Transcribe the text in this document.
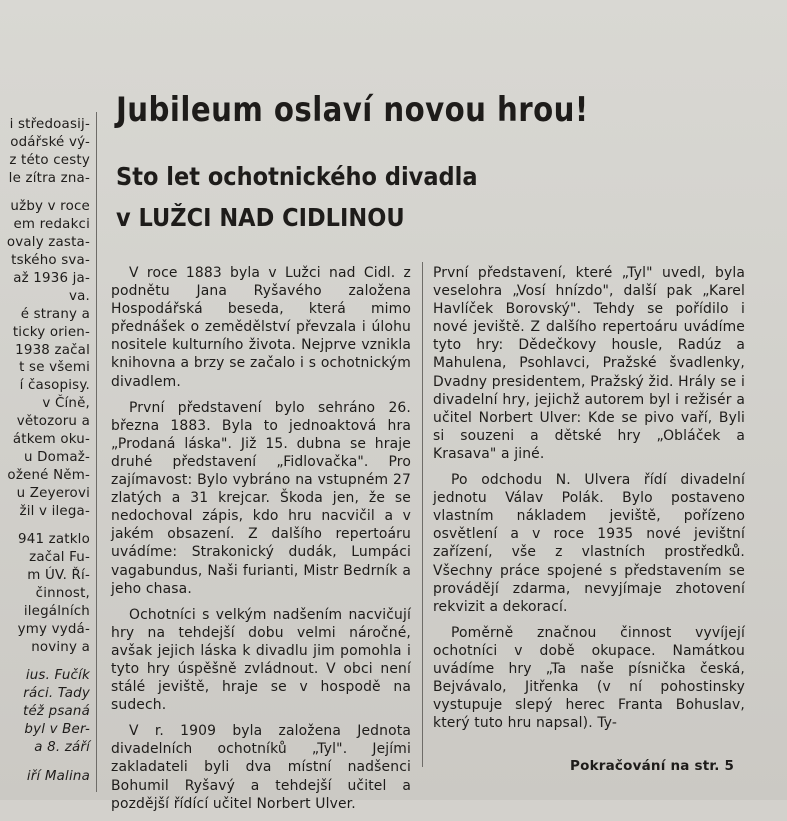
i středoasij-
odářské vý-
z této cesty
le zítra zna-
užby v roce
em redakci
ovaly zasta-
tského sva-
až 1936 ja-
va.
é strany a
ticky orien-
1938 začal
t se všemi
í časopisy.
v Číně,
větozoru a
átkem oku-
u Domaž-
ožené Něm-
u Zeyerovi
žil v ilega-
941 zatklo
začal Fu-
m ÚV. Ří-
činnost,
ilegálních
ymy vydá-
noviny a
ius. Fučík
ráci. Tady
též psaná
byl v Ber-
a 8. září
iří Malina
Jubileum oslaví novou hrou!
Sto let ochotnického divadla
v LUŽCI NAD CIDLINOU

V roce 1883 byla v Lužci nad Cidl. z podnětu Jana Ryšavého založena Hospodářská beseda, která mimo přednášek o zemědělství převzala i úlohu nositele kulturního života. Nejprve vznikla knihovna a brzy se začalo i s ochotnickým divadlem.

První představení bylo sehráno 26. března 1883. Byla to jednoaktová hra „Prodaná láska". Již 15. dubna se hraje druhé představení „Fidlovačka". Pro zajímavost: Bylo vybráno na vstupném 27 zlatých a 31 krejcar. Škoda jen, že se nedochoval zápis, kdo hru nacvičil a v jakém obsazení. Z dalšího repertoáru uvádíme: Strakonický dudák, Lumpáci vagabundus, Naši furianti, Mistr Bedrník a jeho chasa.

Ochotníci s velkým nadšením nacvičují hry na tehdejší dobu velmi náročné, avšak jejich láska k divadlu jim pomohla i tyto hry úspěšně zvládnout. V obci není stálé jeviště, hraje se v hospodě na sudech.

V r. 1909 byla založena Jednota divadelních ochotníků „Tyl". Jejími zakladateli byli dva místní nadšenci Bohumil Ryšavý a tehdejší učitel a pozdější řídící učitel Norbert Ulver.

První představení, které „Tyl" uvedl, byla veselohra „Vosí hnízdo", další pak „Karel Havlíček Borovský". Tehdy se pořídilo i nové jeviště. Z dalšího repertoáru uvádíme tyto hry: Dědečkovy housle, Radúz a Mahulena, Psohlavci, Pražské švadlenky, Dvadny presidentem, Pražský žid. Hrály se i divadelní hry, jejichž autorem byl i režisér a učitel Norbert Ulver: Kde se pivo vaří, Byli si souzeni a dětské hry „Obláček a Krasava" a jiné.

Po odchodu N. Ulvera řídí divadelní jednotu Válav Polák. Bylo postaveno vlastním nákladem jeviště, pořízeno osvětlení a v roce 1935 nové jevištní zařízení, vše z vlastních prostředků. Všechny práce spojené s představením se provádějí zdarma, nevyjímaje zhotovení rekvizit a dekorací.

Poměrně značnou činnost vyvíjejí ochotníci v době okupace. Namátkou uvádíme hry „Ta naše písnička česká, Bejvávalo, Jitřenka (v ní pohostinsky vystupuje slepý herec Franta Bohuslav, který tuto hru napsal). Ty-

Pokračování na str. 5
